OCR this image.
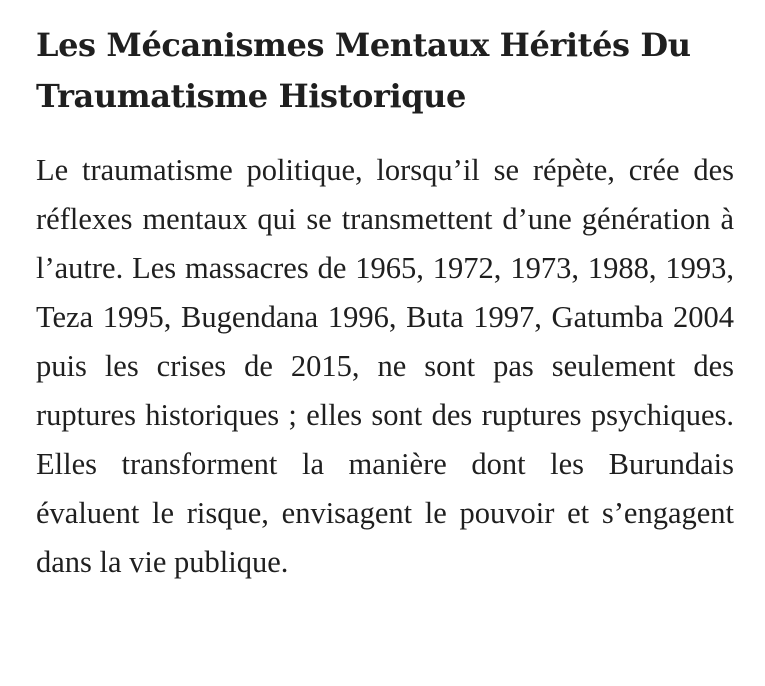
Les Mécanismes Mentaux Hérités Du Traumatisme Historique

Le traumatisme politique, lorsqu’il se répète, crée des réflexes mentaux qui se transmettent d’une génération à l’autre. Les massacres de 1965, 1972, 1973, 1988, 1993, Teza 1995, Bugendana 1996, Buta 1997, Gatumba 2004 puis les crises de 2015, ne sont pas seulement des ruptures historiques ; elles sont des ruptures psychiques. Elles transforment la manière dont les Burundais évaluent le risque, envisagent le pouvoir et s’engagent dans la vie publique.
